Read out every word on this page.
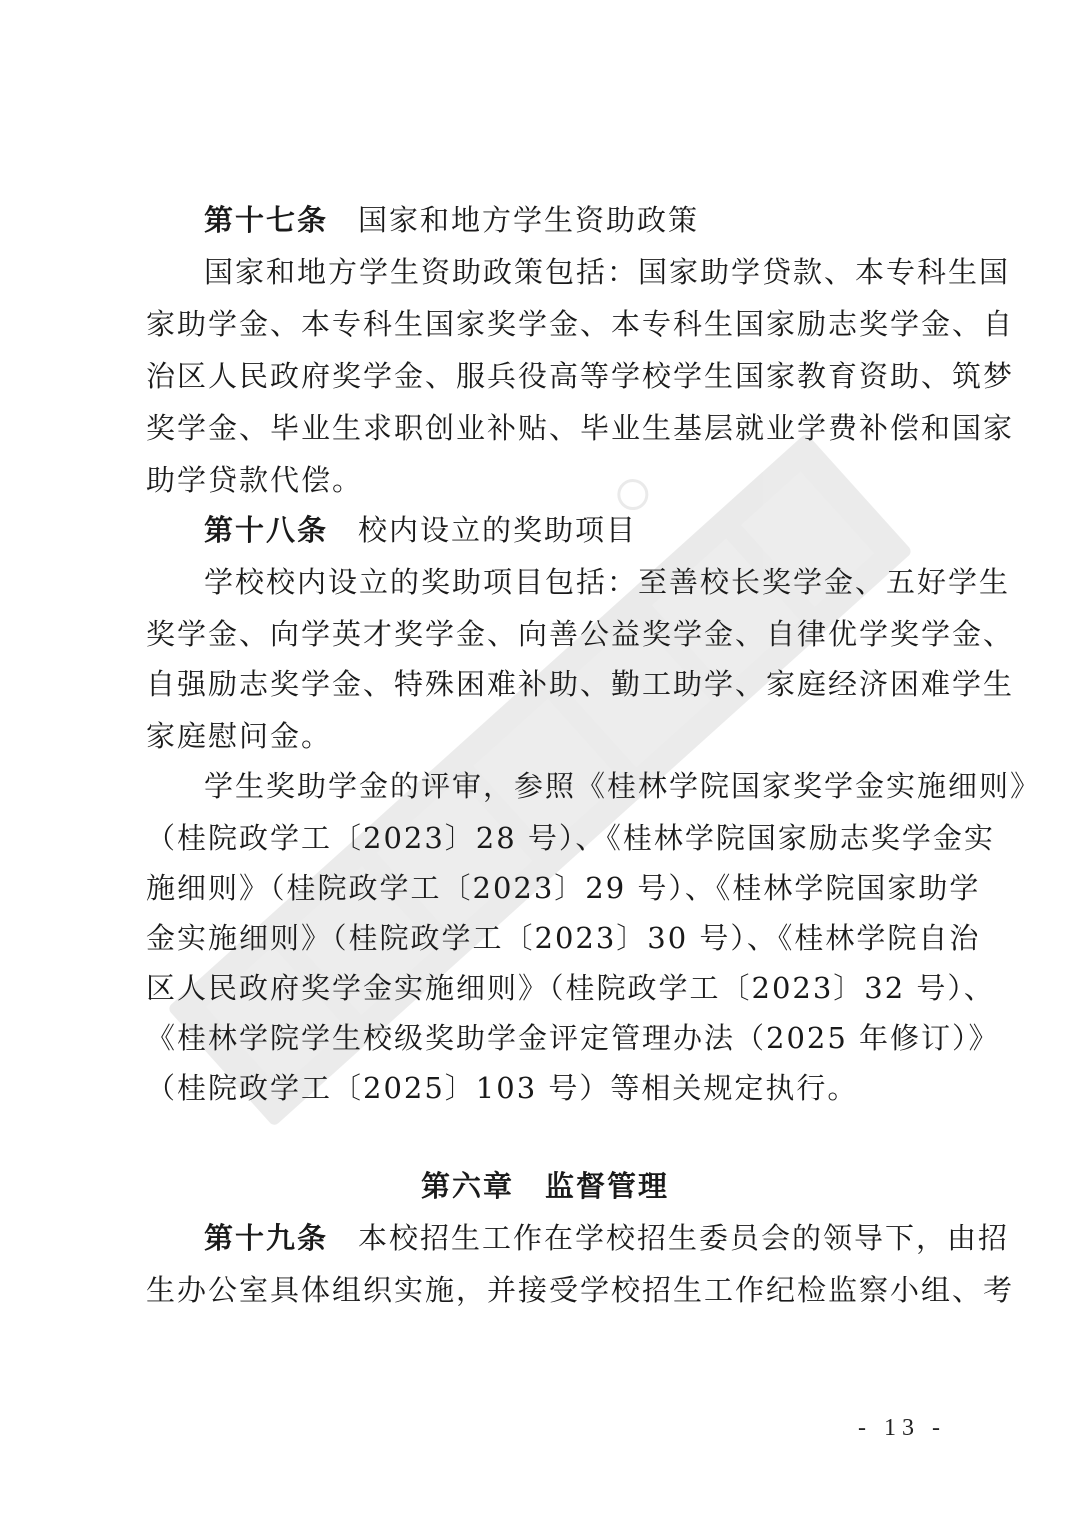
第十七条 国家和地方学生资助政策
国家和地方学生资助政策包括：国家助学贷款、本专科生国
家助学金、本专科生国家奖学金、本专科生国家励志奖学金、自
治区人民政府奖学金、服兵役高等学校学生国家教育资助、筑梦
奖学金、毕业生求职创业补贴、毕业生基层就业学费补偿和国家
助学贷款代偿。
第十八条 校内设立的奖助项目
学校校内设立的奖助项目包括：至善校长奖学金、五好学生
奖学金、向学英才奖学金、向善公益奖学金、自律优学奖学金、
自强励志奖学金、特殊困难补助、勤工助学、家庭经济困难学生
家庭慰问金。
学生奖助学金的评审，参照《桂林学院国家奖学金实施细则》
（桂院政学工〔2023〕28 号）、《桂林学院国家励志奖学金实
施细则》（桂院政学工〔2023〕29 号）、《桂林学院国家助学
金实施细则》（桂院政学工〔2023〕30 号）、《桂林学院自治
区人民政府奖学金实施细则》（桂院政学工〔2023〕32 号）、
《桂林学院学生校级奖助学金评定管理办法（2025 年修订）》
（桂院政学工〔2025〕103 号）等相关规定执行。
第六章　监督管理
第十九条 本校招生工作在学校招生委员会的领导下，由招
生办公室具体组织实施，并接受学校招生工作纪检监察小组、考
- 13 -
